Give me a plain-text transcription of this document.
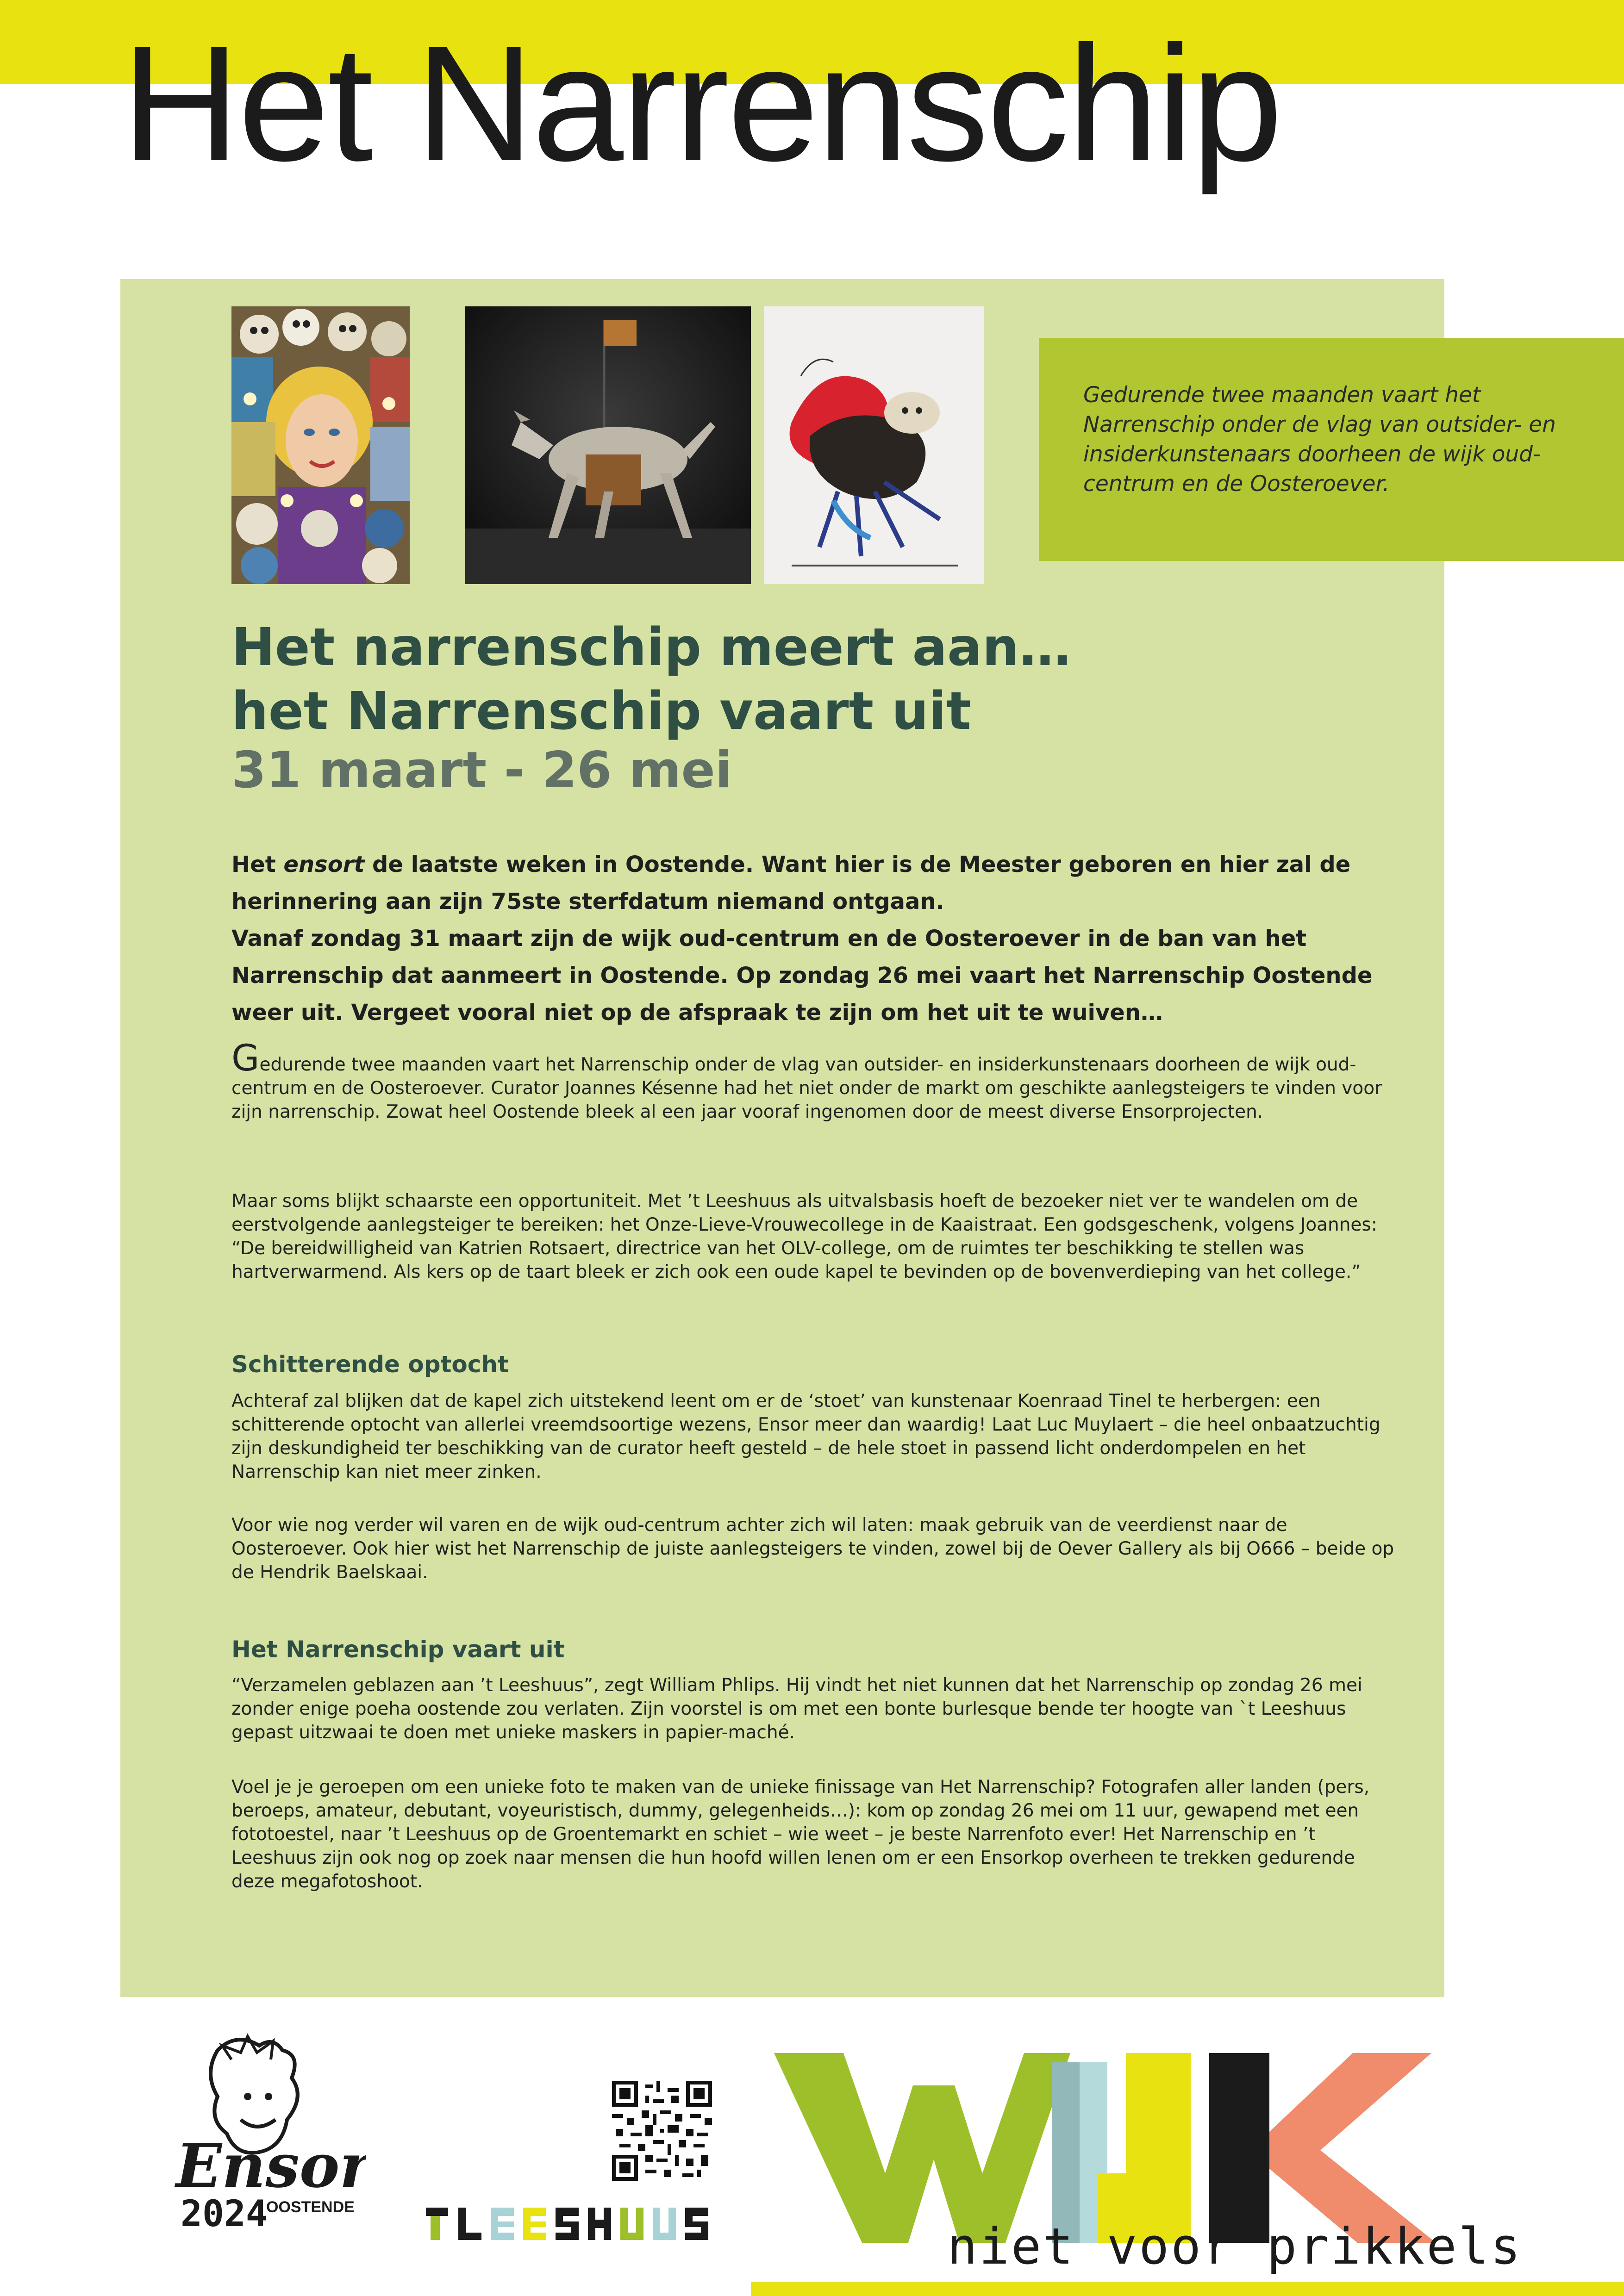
Het Narrenschip
Gedurende twee maanden vaart het Narrenschip onder de vlag van outsider- en insiderkunstenaars doorheen de wijk oud-centrum en de Oosteroever.
Het narrenschip meert aan…
het Narrenschip vaart uit
31 maart - 26 mei

Het ensort de laatste weken in Oostende. Want hier is de Meester geboren en hier zal de herinnering aan zijn 75ste sterfdatum niemand ontgaan.

Vanaf zondag 31 maart zijn de wijk oud-centrum en de Oosteroever in de ban van het Narrenschip dat aanmeert in Oostende. Op zondag 26 mei vaart het Narrenschip Oostende weer uit. Vergeet vooral niet op de afspraak te zijn om het uit te wuiven…

Gedurende twee maanden vaart het Narrenschip onder de vlag van outsider- en insiderkunstenaars doorheen de wijk oud-centrum en de Oosteroever. Curator Joannes Késenne had het niet onder de markt om geschikte aanlegsteigers te vinden voor zijn narrenschip. Zowat heel Oostende bleek al een jaar vooraf ingenomen door de meest diverse Ensorprojecten.

Maar soms blijkt schaarste een opportuniteit. Met ’t Leeshuus als uitvalsbasis hoeft de bezoeker niet ver te wandelen om de eerstvolgende aanlegsteiger te bereiken: het Onze-Lieve-Vrouwecollege in de Kaaistraat. Een godsgeschenk, volgens Joannes: “De bereidwilligheid van Katrien Rotsaert, directrice van het OLV-college, om de ruimtes ter beschikking te stellen was hartverwarmend. Als kers op de taart bleek er zich ook een oude kapel te bevinden op de bovenverdieping van het college.”
Schitterende optocht
Achteraf zal blijken dat de kapel zich uitstekend leent om er de ‘stoet’ van kunstenaar Koenraad Tinel te herbergen: een schitterende optocht van allerlei vreemdsoortige wezens, Ensor meer dan waardig! Laat Luc Muylaert – die heel onbaatzuchtig zijn deskundigheid ter beschikking van de curator heeft gesteld – de hele stoet in passend licht onderdompelen en het Narrenschip kan niet meer zinken.
Voor wie nog verder wil varen en de wijk oud-centrum achter zich wil laten: maak gebruik van de veerdienst naar de Oosteroever. Ook hier wist het Narrenschip de juiste aanlegsteigers te vinden, zowel bij de Oever Gallery als bij O666 – beide op de Hendrik Baelskaai.
Het Narrenschip vaart uit
“Verzamelen geblazen aan ’t Leeshuus”, zegt William Phlips. Hij vindt het niet kunnen dat het Narrenschip op zondag 26 mei zonder enige poeha oostende zou verlaten. Zijn voorstel is om met een bonte burlesque bende ter hoogte van `t Leeshuus gepast uitzwaai te doen met unieke maskers in papier-maché.
Voel je je geroepen om een unieke foto te maken van de unieke finissage van Het Narrenschip? Fotografen aller landen (pers, beroeps, amateur, debutant, voyeuristisch, dummy, gelegenheids…): kom op zondag 26 mei om 11 uur, gewapend met een fototoestel, naar ’t Leeshuus op de Groentemarkt en schiet – wie weet – je beste Narrenfoto ever! Het Narrenschip en ’t Leeshuus zijn ook nog op zoek naar mensen die hun hoofd willen lenen om er een Ensorkop overheen te trekken gedurende deze megafotoshoot.
Ensor
2024
OOSTENDE
niet voor prikkels
